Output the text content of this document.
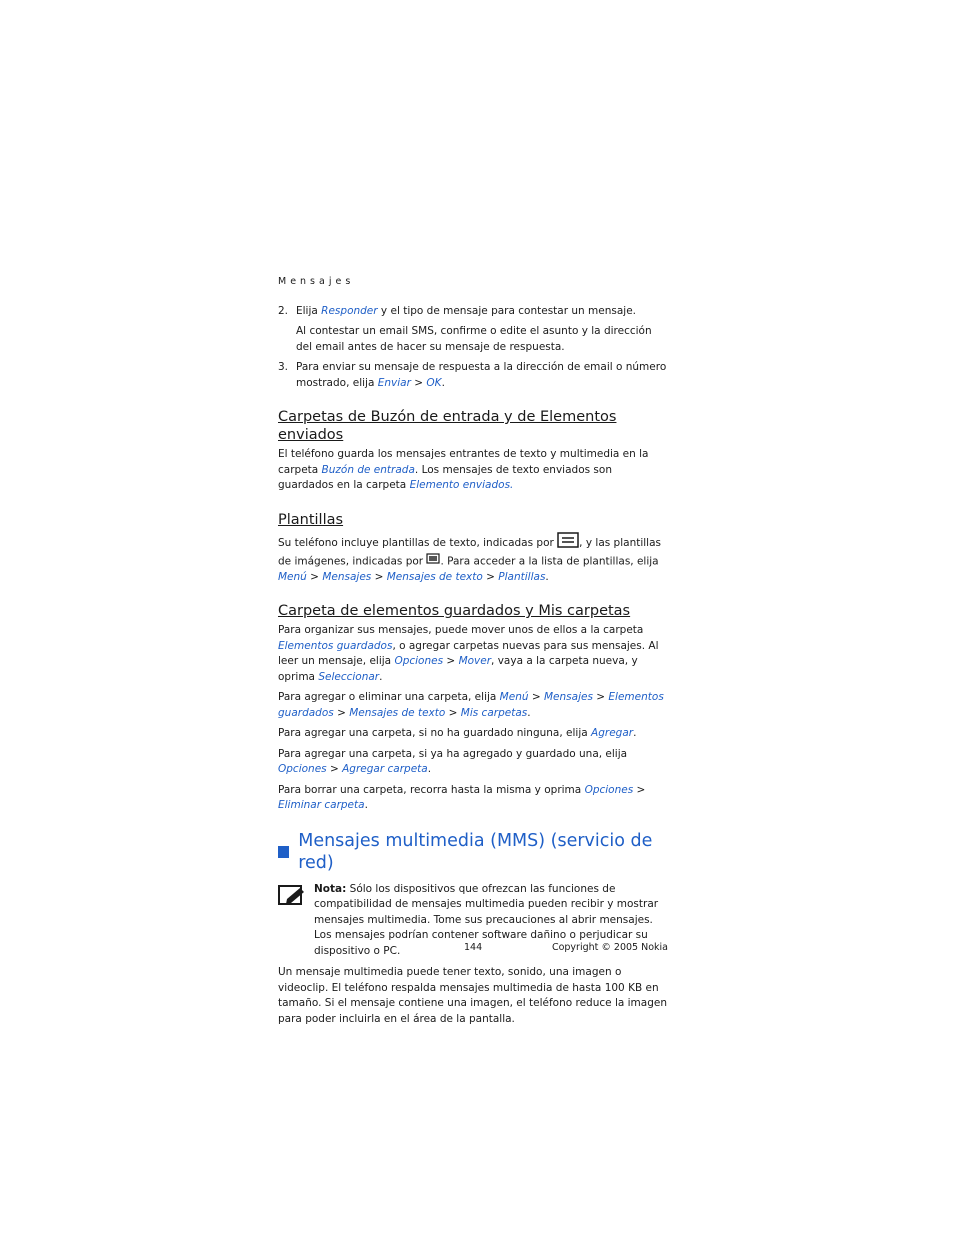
Mensajes
2. Elija Responder y el tipo de mensaje para contestar un mensaje.

Al contestar un email SMS, confirme o edite el asunto y la dirección del email antes de hacer su mensaje de respuesta.

3. Para enviar su mensaje de respuesta a la dirección de email o número mostrado, elija Enviar > OK.
Carpetas de Buzón de entrada y de Elementos enviados

El teléfono guarda los mensajes entrantes de texto y multimedia en la carpeta Buzón de entrada. Los mensajes de texto enviados son guardados en la carpeta Elemento enviados.

Plantillas

Su teléfono incluye plantillas de texto, indicadas por , y las plantillas de imágenes, indicadas por . Para acceder a la lista de plantillas, elija Menú > Mensajes > Mensajes de texto > Plantillas.

Carpeta de elementos guardados y Mis carpetas

Para organizar sus mensajes, puede mover unos de ellos a la carpeta Elementos guardados, o agregar carpetas nuevas para sus mensajes. Al leer un mensaje, elija Opciones > Mover, vaya a la carpeta nueva, y oprima Seleccionar.

Para agregar o eliminar una carpeta, elija Menú > Mensajes > Elementos guardados > Mensajes de texto > Mis carpetas.

Para agregar una carpeta, si no ha guardado ninguna, elija Agregar.

Para agregar una carpeta, si ya ha agregado y guardado una, elija Opciones > Agregar carpeta.

Para borrar una carpeta, recorra hasta la misma y oprima Opciones > Eliminar carpeta.

Mensajes multimedia (MMS) (servicio de red)
Nota: Sólo los dispositivos que ofrezcan las funciones de compatibilidad de mensajes multimedia pueden recibir y mostrar mensajes multimedia. Tome sus precauciones al abrir mensajes. Los mensajes podrían contener software dañino o perjudicar su dispositivo o PC.

Un mensaje multimedia puede tener texto, sonido, una imagen o videoclip. El teléfono respalda mensajes multimedia de hasta 100 KB en tamaño. Si el mensaje contiene una imagen, el teléfono reduce la imagen para poder incluirla en el área de la pantalla.

144	Copyright © 2005 Nokia
